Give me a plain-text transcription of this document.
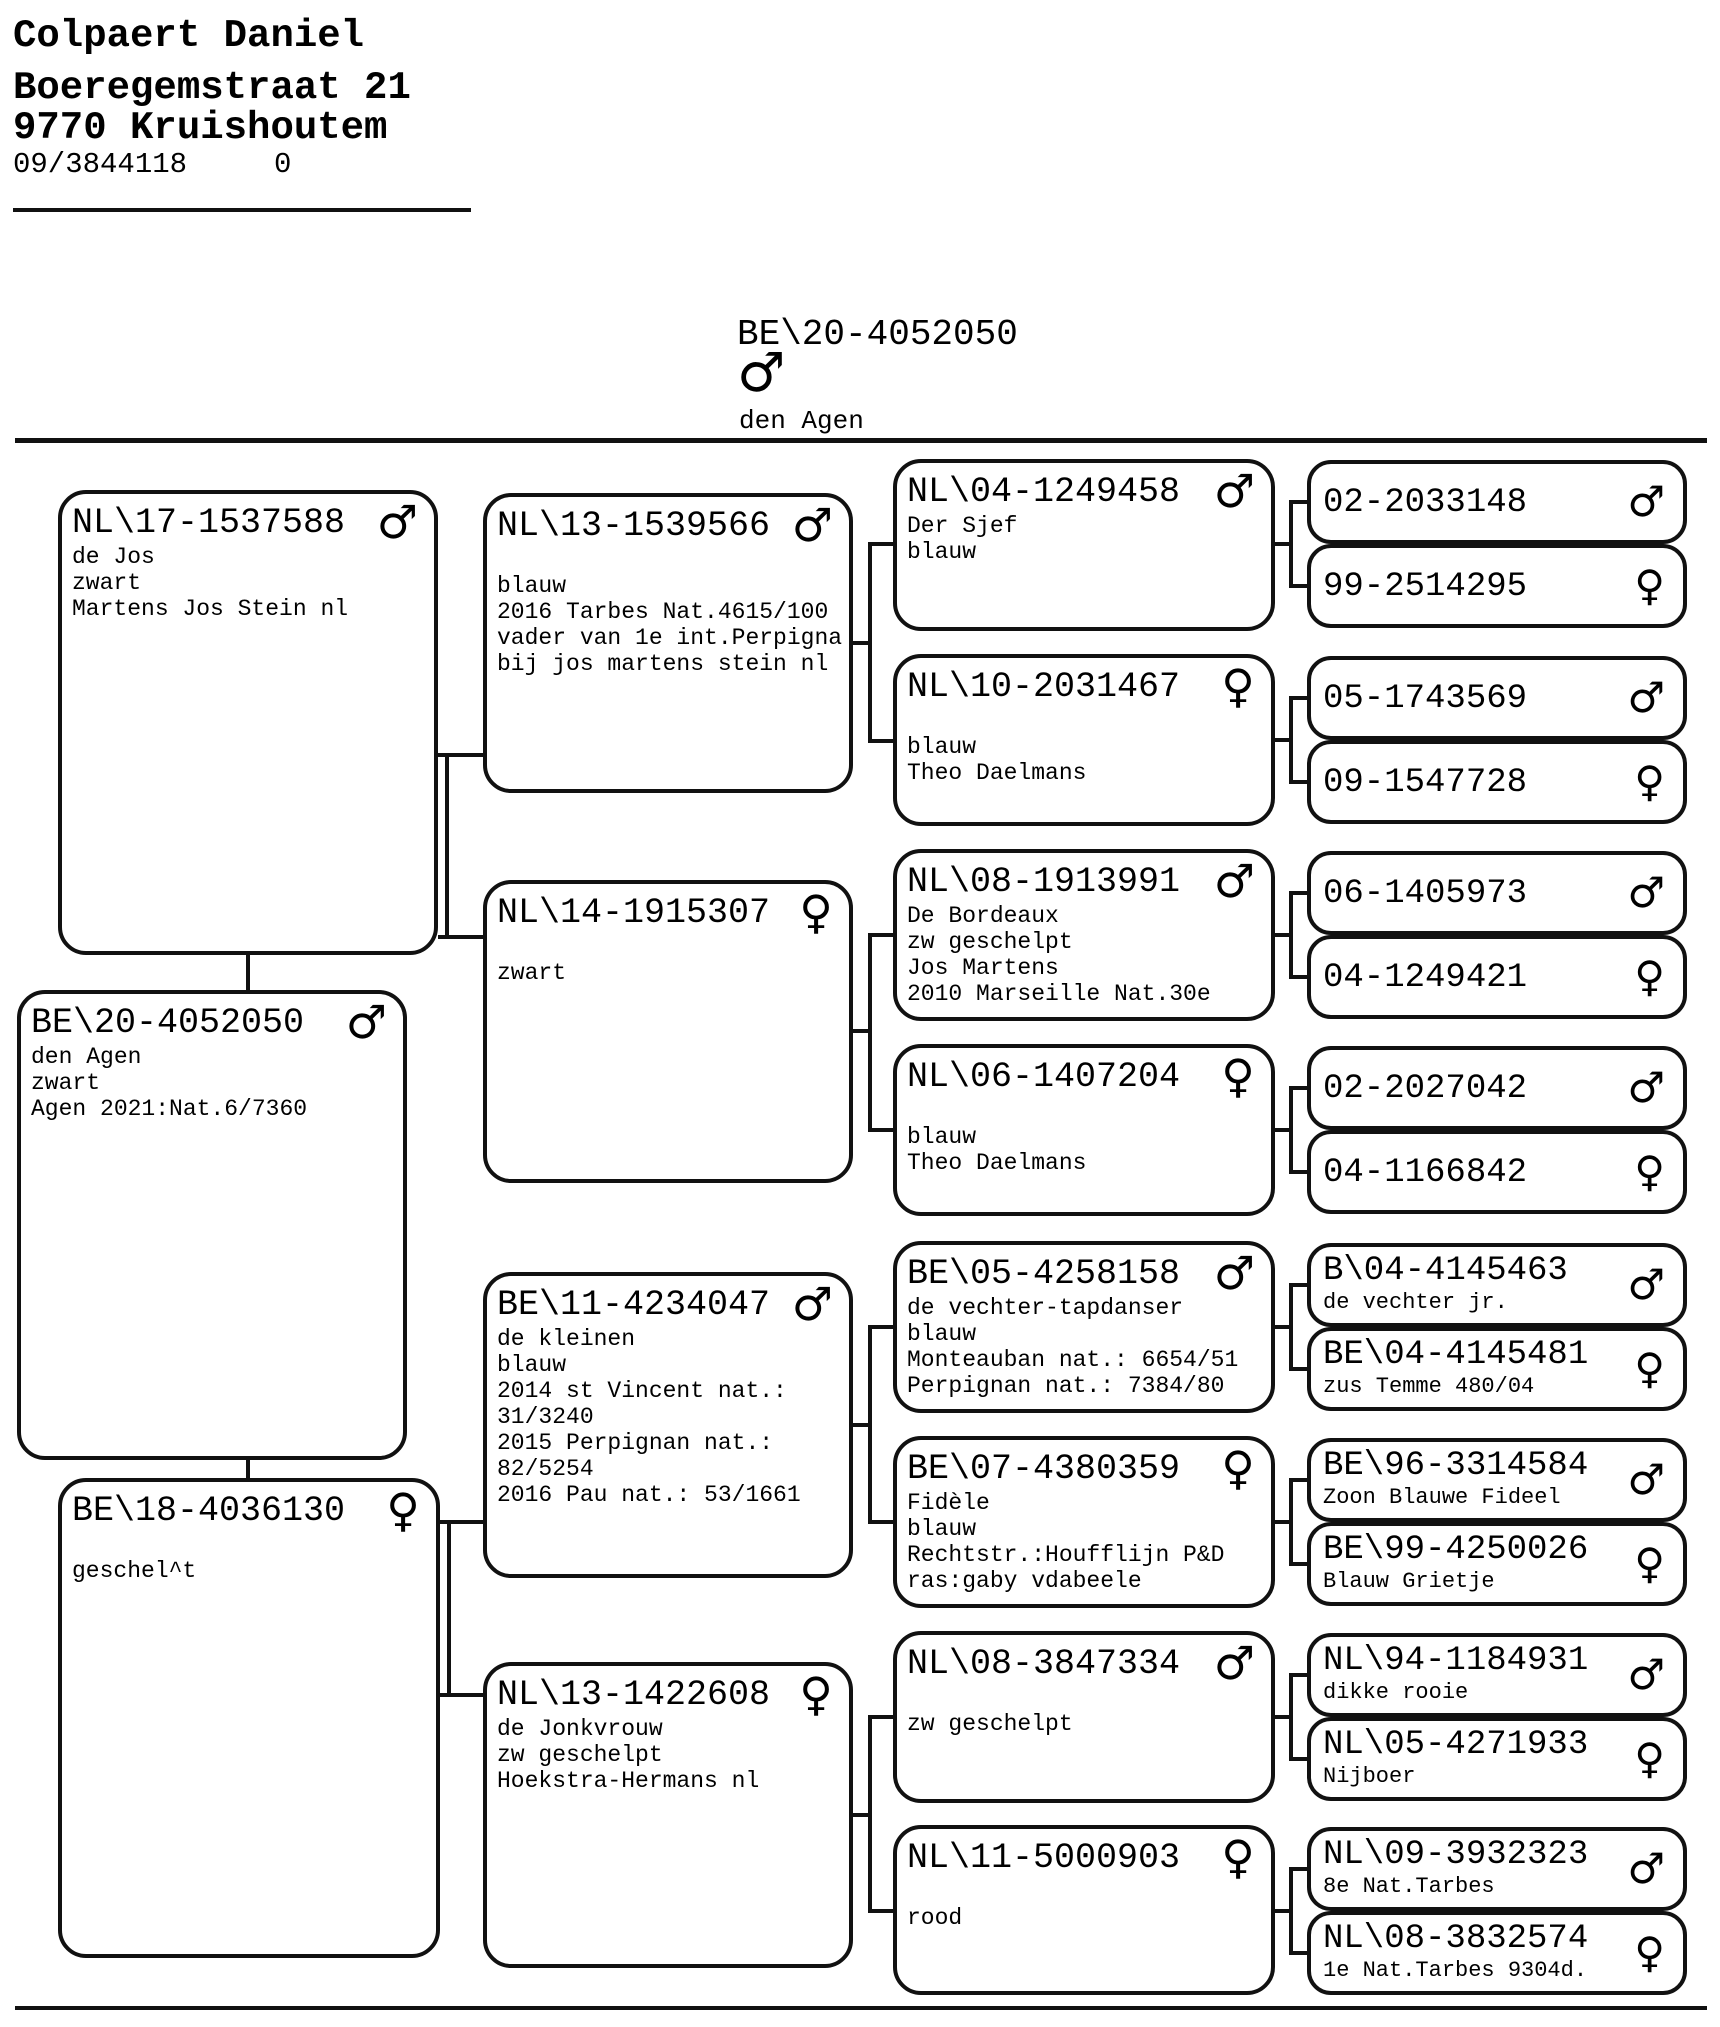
Colpaert Daniel
Boeregemstraat 21
9770 Kruishoutem
09/3844118     0
BE\20-4052050
♂
den Agen
NL\17-1537588 ♂
de Jos
zwart
Martens Jos Stein nl
BE\20-4052050 ♂
den Agen
zwart
Agen 2021:Nat.6/7360
BE\18-4036130 ♀
geschel^t
NL\13-1539566 ♂
blauw
2016 Tarbes Nat.4615/100
vader van 1e int.Perpigna
bij jos martens stein nl
NL\14-1915307 ♀
zwart
BE\11-4234047 ♂
de kleinen
blauw
2014 st Vincent nat.:
31/3240
2015 Perpignan nat.:
82/5254
2016 Pau nat.: 53/1661
NL\13-1422608 ♀
de Jonkvrouw
zw geschelpt
Hoekstra-Hermans nl
NL\04-1249458 ♂
Der Sjef
blauw
NL\10-2031467 ♀
blauw
Theo Daelmans
NL\08-1913991 ♂
De Bordeaux
zw geschelpt
Jos Martens
2010 Marseille Nat.30e
NL\06-1407204 ♀
blauw
Theo Daelmans
BE\05-4258158 ♂
de vechter-tapdanser
blauw
Monteauban nat.: 6654/51
Perpignan nat.: 7384/80
BE\07-4380359 ♀
Fidèle
blauw
Rechtstr.:Houfflijn P&D
ras:gaby vdabeele
NL\08-3847334 ♂
zw geschelpt
NL\11-5000903 ♀
rood
02-2033148 ♂
99-2514295	♀
05-1743569 ♂
09-1547728	♀
06-1405973 ♂
04-1249421	♀
02-2027042 ♂
04-1166842	♀
B\04-4145463
de vechter jr.	♂
BE\04-4145481
zus Temme 480/04	♀
BE\96-3314584
Zoon Blauwe Fideel	♂
BE\99-4250026
Blauw Grietje	♀
NL\94-1184931
dikke rooie	♂
NL\05-4271933
Nijboer	♀
NL\09-3932323
8e Nat.Tarbes	♂
NL\08-3832574
1e Nat.Tarbes 9304d.	♀
